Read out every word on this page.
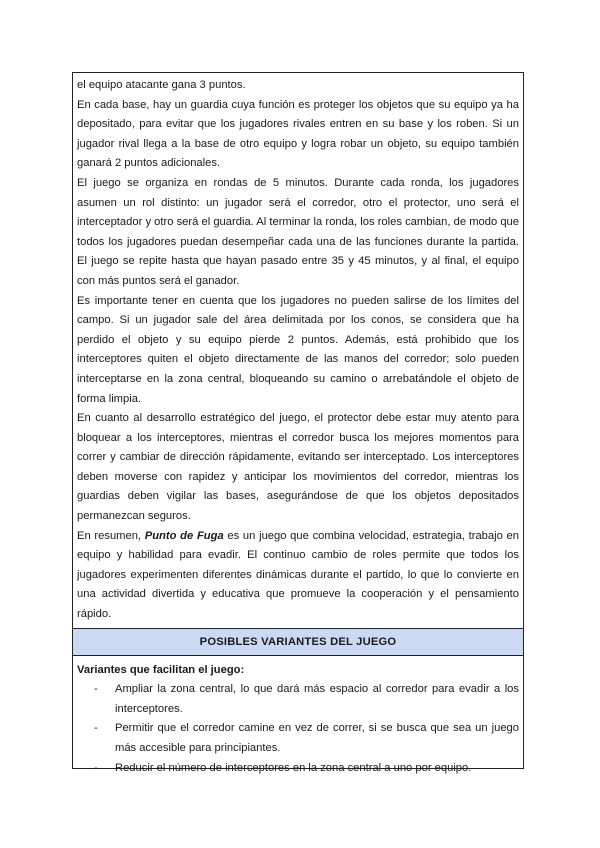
el equipo atacante gana 3 puntos.

En cada base, hay un guardia cuya función es proteger los objetos que su equipo ya ha depositado, para evitar que los jugadores rivales entren en su base y los roben. Si un jugador rival llega a la base de otro equipo y logra robar un objeto, su equipo también ganará 2 puntos adicionales.

El juego se organiza en rondas de 5 minutos. Durante cada ronda, los jugadores asumen un rol distinto: un jugador será el corredor, otro el protector, uno será el interceptador y otro será el guardia. Al terminar la ronda, los roles cambian, de modo que todos los jugadores puedan desempeñar cada una de las funciones durante la partida. El juego se repite hasta que hayan pasado entre 35 y 45 minutos, y al final, el equipo con más puntos será el ganador.

Es importante tener en cuenta que los jugadores no pueden salirse de los límites del campo. Si un jugador sale del área delimitada por los conos, se considera que ha perdido el objeto y su equipo pierde 2 puntos. Además, está prohibido que los interceptores quiten el objeto directamente de las manos del corredor; solo pueden interceptarse en la zona central, bloqueando su camino o arrebatándole el objeto de forma limpia.

En cuanto al desarrollo estratégico del juego, el protector debe estar muy atento para bloquear a los interceptores, mientras el corredor busca los mejores momentos para correr y cambiar de dirección rápidamente, evitando ser interceptado. Los interceptores deben moverse con rapidez y anticipar los movimientos del corredor, mientras los guardias deben vigilar las bases, asegurándose de que los objetos depositados permanezcan seguros.

En resumen, Punto de Fuga es un juego que combina velocidad, estrategia, trabajo en equipo y habilidad para evadir. El continuo cambio de roles permite que todos los jugadores experimenten diferentes dinámicas durante el partido, lo que lo convierte en una actividad divertida y educativa que promueve la cooperación y el pensamiento rápido.

POSIBLES VARIANTES DEL JUEGO

Variantes que facilitan el juego:

- Ampliar la zona central, lo que dará más espacio al corredor para evadir a los interceptores.
- Permitir que el corredor camine en vez de correr, si se busca que sea un juego más accesible para principiantes.
- Reducir el número de interceptores en la zona central a uno por equipo.
